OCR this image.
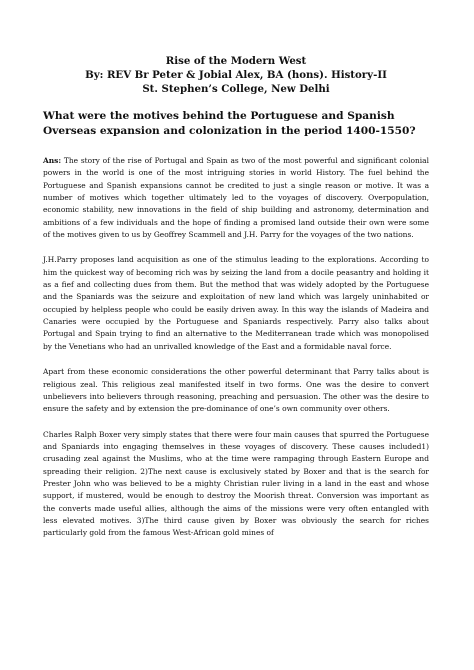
Rise of the Modern West
By: REV Br Peter & Jobial Alex, BA (hons). History-II
St. Stephen’s College, New Delhi
What were the motives behind the Portuguese and Spanish Overseas expansion and colonization in the period 1400-1550?

Ans: The story of the rise of Portugal and Spain as two of the most powerful and significant colonial powers in the world is one of the most intriguing stories in world History. The fuel behind the Portuguese and Spanish expansions cannot be credited to just a single reason or motive. It was a number of motives which together ultimately led to the voyages of discovery. Overpopulation, economic stability, new innovations in the field of ship building and astronomy, determination and ambitions of a few individuals and the hope of finding a promised land outside their own were some of the motives given to us by Geoffrey Scammell and J.H. Parry for the voyages of the two nations.

J.H.Parry proposes land acquisition as one of the stimulus leading to the explorations. According to him the quickest way of becoming rich was by seizing the land from a docile peasantry and holding it as a fief and collecting dues from them. But the method that was widely adopted by the Portuguese and the Spaniards was the seizure and exploitation of new land which was largely uninhabited or occupied by helpless people who could be easily driven away. In this way the islands of Madeira and Canaries were occupied by the Portuguese and Spaniards respectively. Parry also talks about Portugal and Spain trying to find an alternative to the Mediterranean trade which was monopolised by the Venetians who had an unrivalled knowledge of the East and a formidable naval force.

Apart from these economic considerations the other powerful determinant that Parry talks about is religious zeal. This religious zeal manifested itself in two forms. One was the desire to convert unbelievers into believers through reasoning, preaching and persuasion. The other was the desire to ensure the safety and by extension the pre-dominance of one’s own community over others.

Charles Ralph Boxer very simply states that there were four main causes that spurred the Portuguese and Spaniards into engaging themselves in these voyages of discovery. These causes included1) crusading zeal against the Muslims, who at the time were rampaging through Eastern Europe and spreading their religion. 2)The next cause is exclusively stated by Boxer and that is the search for Prester John who was believed to be a mighty Christian ruler living in a land in the east and whose support, if mustered, would be enough to destroy the Moorish threat. Conversion was important as the converts made useful allies, although the aims of the missions were very often entangled with less elevated motives. 3)The third cause given by Boxer was obviously the search for riches particularly gold from the famous West-African gold mines of
